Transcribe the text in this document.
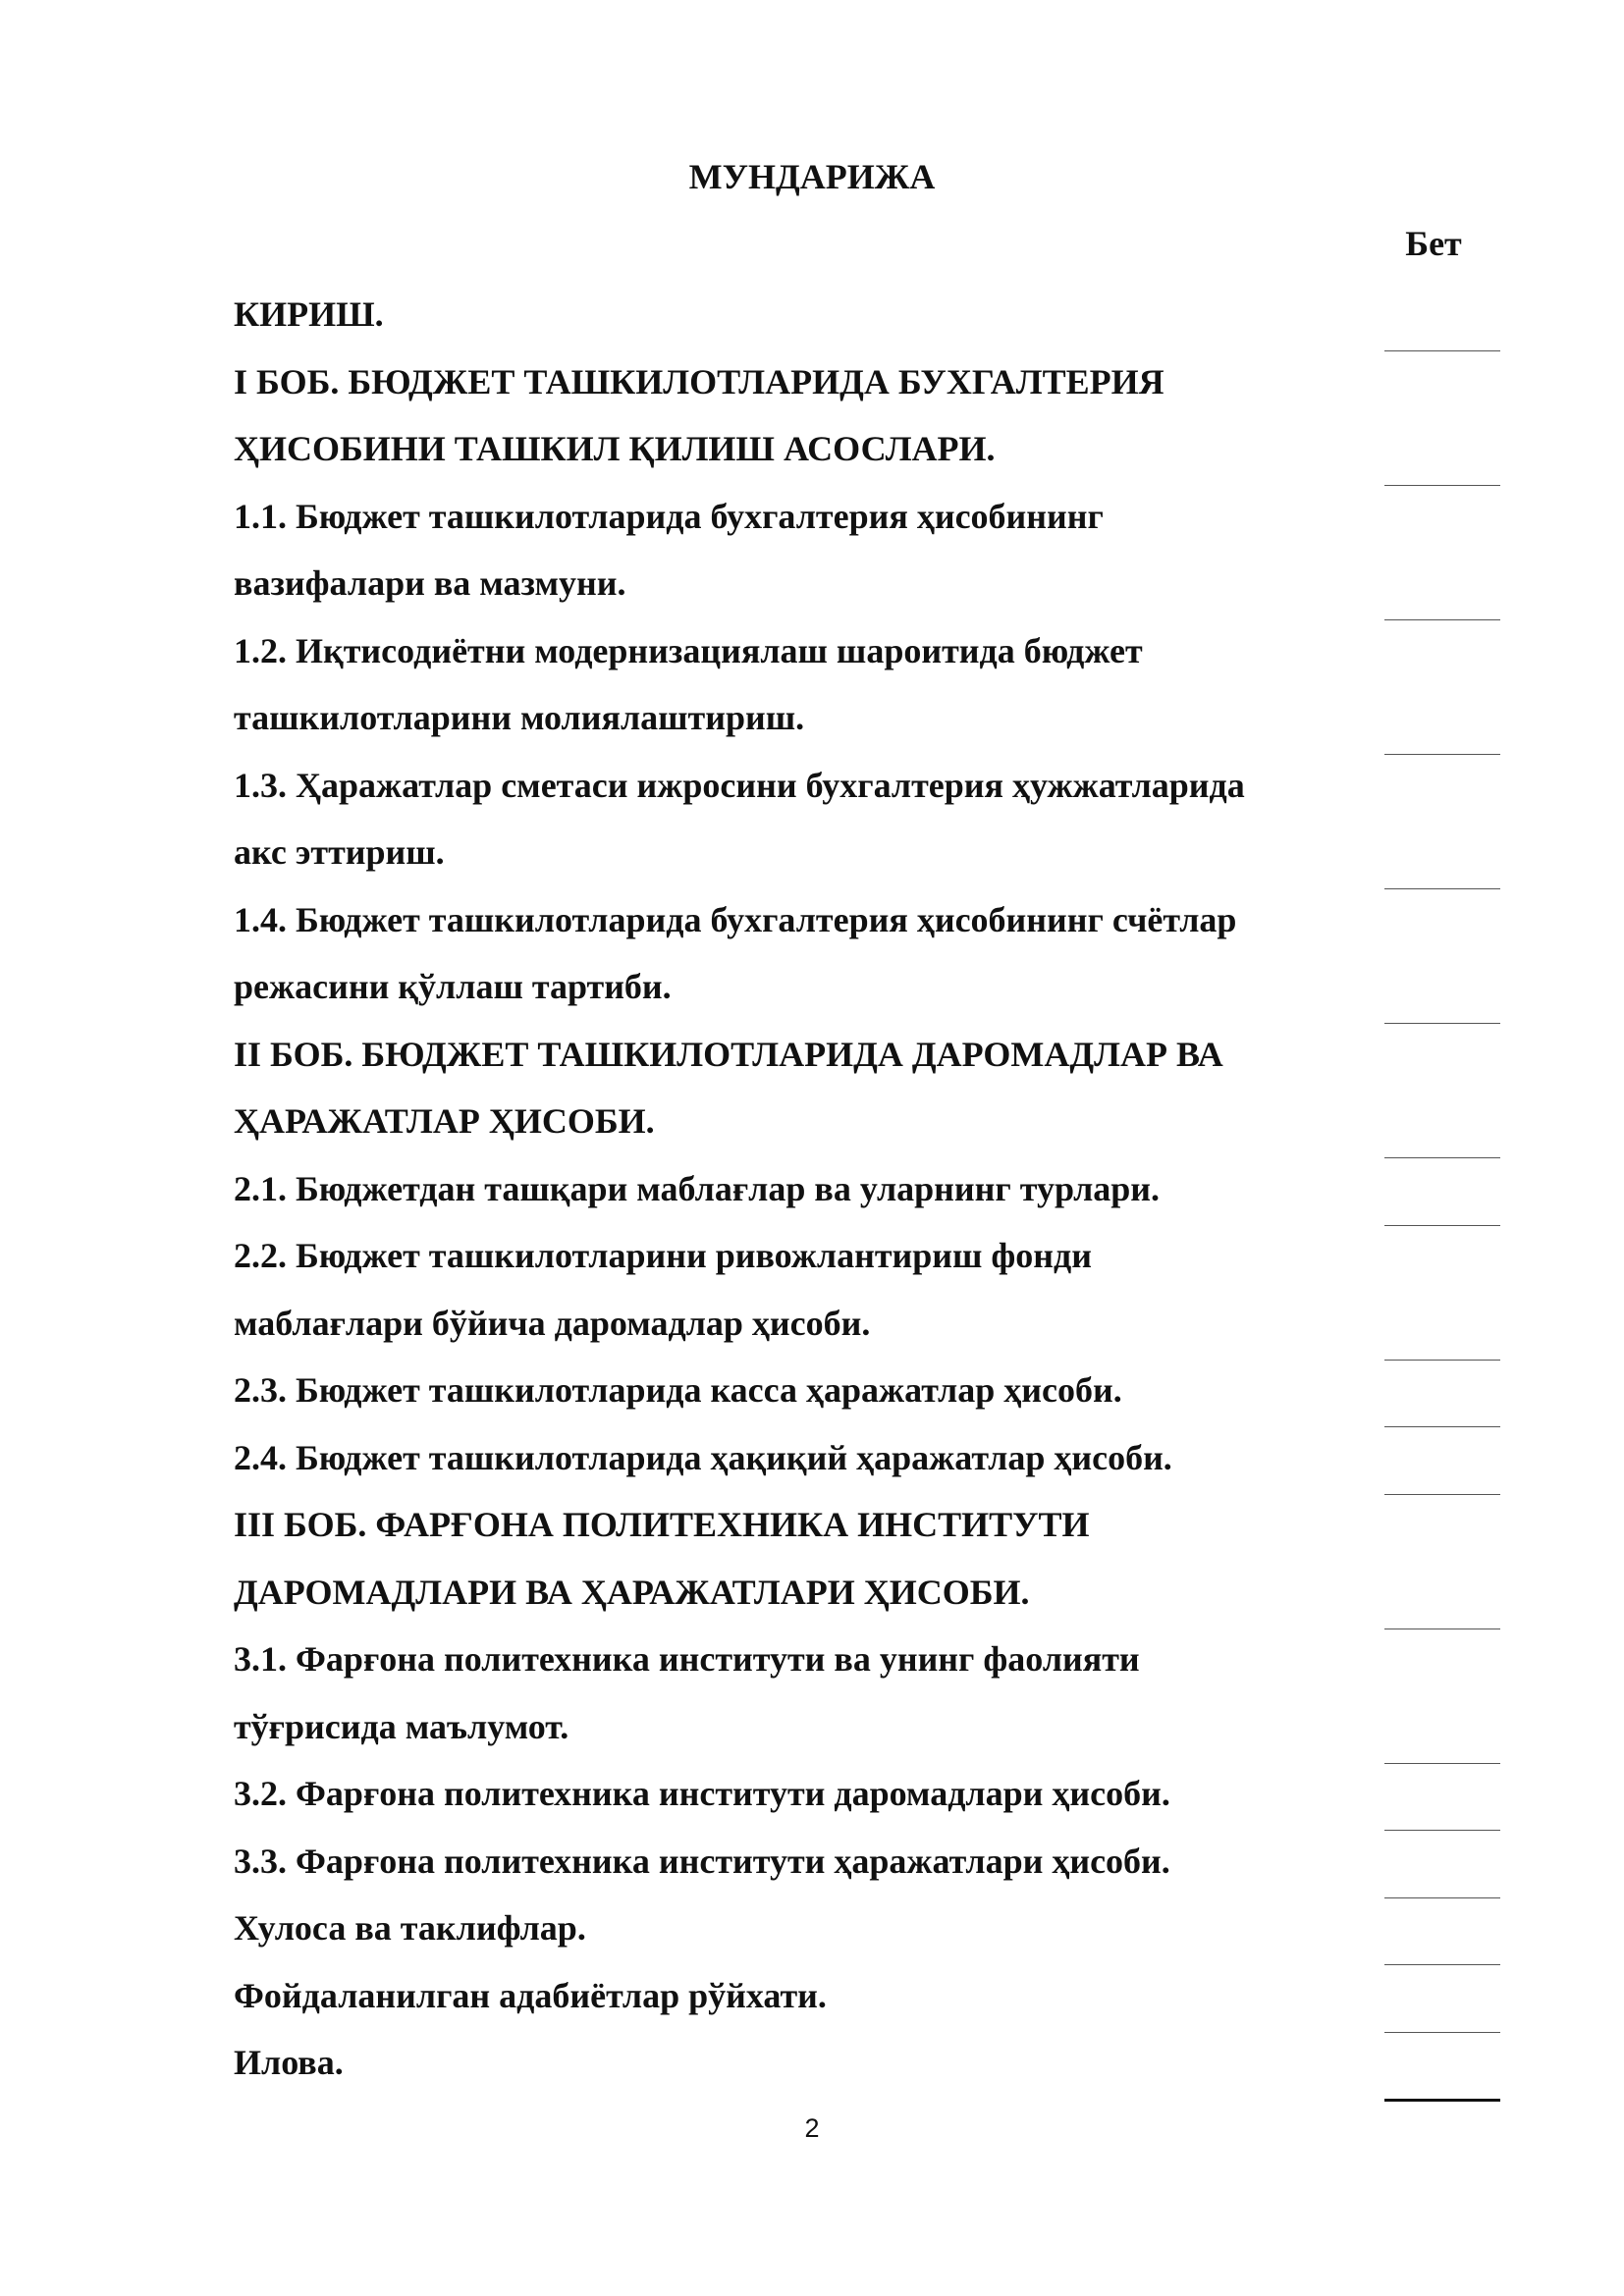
МУНДАРИЖА
Бет
КИРИШ.
I БОБ. БЮДЖЕТ ТАШКИЛОТЛАРИДА БУХГАЛТЕРИЯ
ҲИСОБИНИ ТАШКИЛ ҚИЛИШ АСОСЛАРИ.
1.1. Бюджет ташкилотларида бухгалтерия ҳисобининг
вазифалари ва мазмуни.
1.2. Иқтисодиётни модернизациялаш шароитида бюджет
ташкилотларини молиялаштириш.
1.3. Ҳаражатлар сметаси ижросини бухгалтерия ҳужжатларида
акс эттириш.
1.4. Бюджет ташкилотларида бухгалтерия ҳисобининг счётлар
режасини қўллаш тартиби.
II БОБ. БЮДЖЕТ ТАШКИЛОТЛАРИДА ДАРОМАДЛАР ВА
ҲАРАЖАТЛАР ҲИСОБИ.
2.1. Бюджетдан ташқари маблағлар ва уларнинг турлари.
2.2. Бюджет ташкилотларини ривожлантириш фонди
маблағлари бўйича даромадлар ҳисоби.
2.3. Бюджет ташкилотларида касса ҳаражатлар ҳисоби.
2.4. Бюджет ташкилотларида ҳақиқий ҳаражатлар ҳисоби.
III БОБ. ФАРҒОНА ПОЛИТЕХНИКА ИНСТИТУТИ
ДАРОМАДЛАРИ ВА ҲАРАЖАТЛАРИ ҲИСОБИ.
3.1. Фарғона политехника институти ва унинг фаолияти
тўғрисида маълумот.
3.2. Фарғона политехника институти даромадлари ҳисоби.
3.3. Фарғона политехника институти ҳаражатлари ҳисоби.
Хулоса ва таклифлар.
Фойдаланилган адабиётлар рўйхати.
Илова.
2
